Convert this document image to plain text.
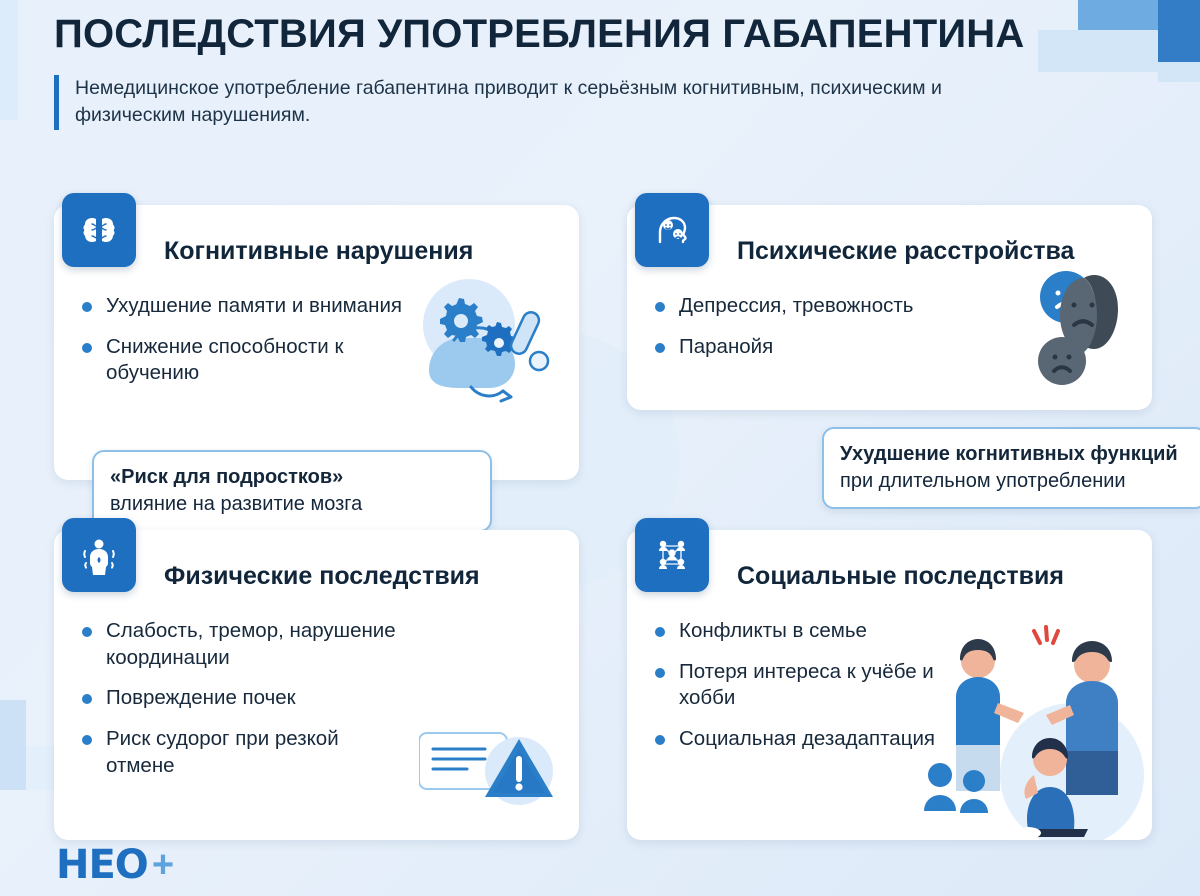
ПОСЛЕДСТВИЯ УПОТРЕБЛЕНИЯ ГАБАПЕНТИНА

Немедицинское употребление габапентина приводит к серьёзным когнитивным, психическим и физическим нарушениям.

Когнитивные нарушения
Ухудшение памяти и внимания
Снижение способности к обучению
«Риск для подростков»
влияние на развитие мозга
Психические расстройства
Депрессия, тревожность
Паранойя
Ухудшение когнитивных функций при длительном употреблении
Физические последствия
Слабость, тремор, нарушение координации
Повреждение почек
Риск судорог при резкой отмене
Социальные последствия
Конфликты в семье
Потеря интереса к учёбе и хобби
Социальная дезадаптация
НЕО +
